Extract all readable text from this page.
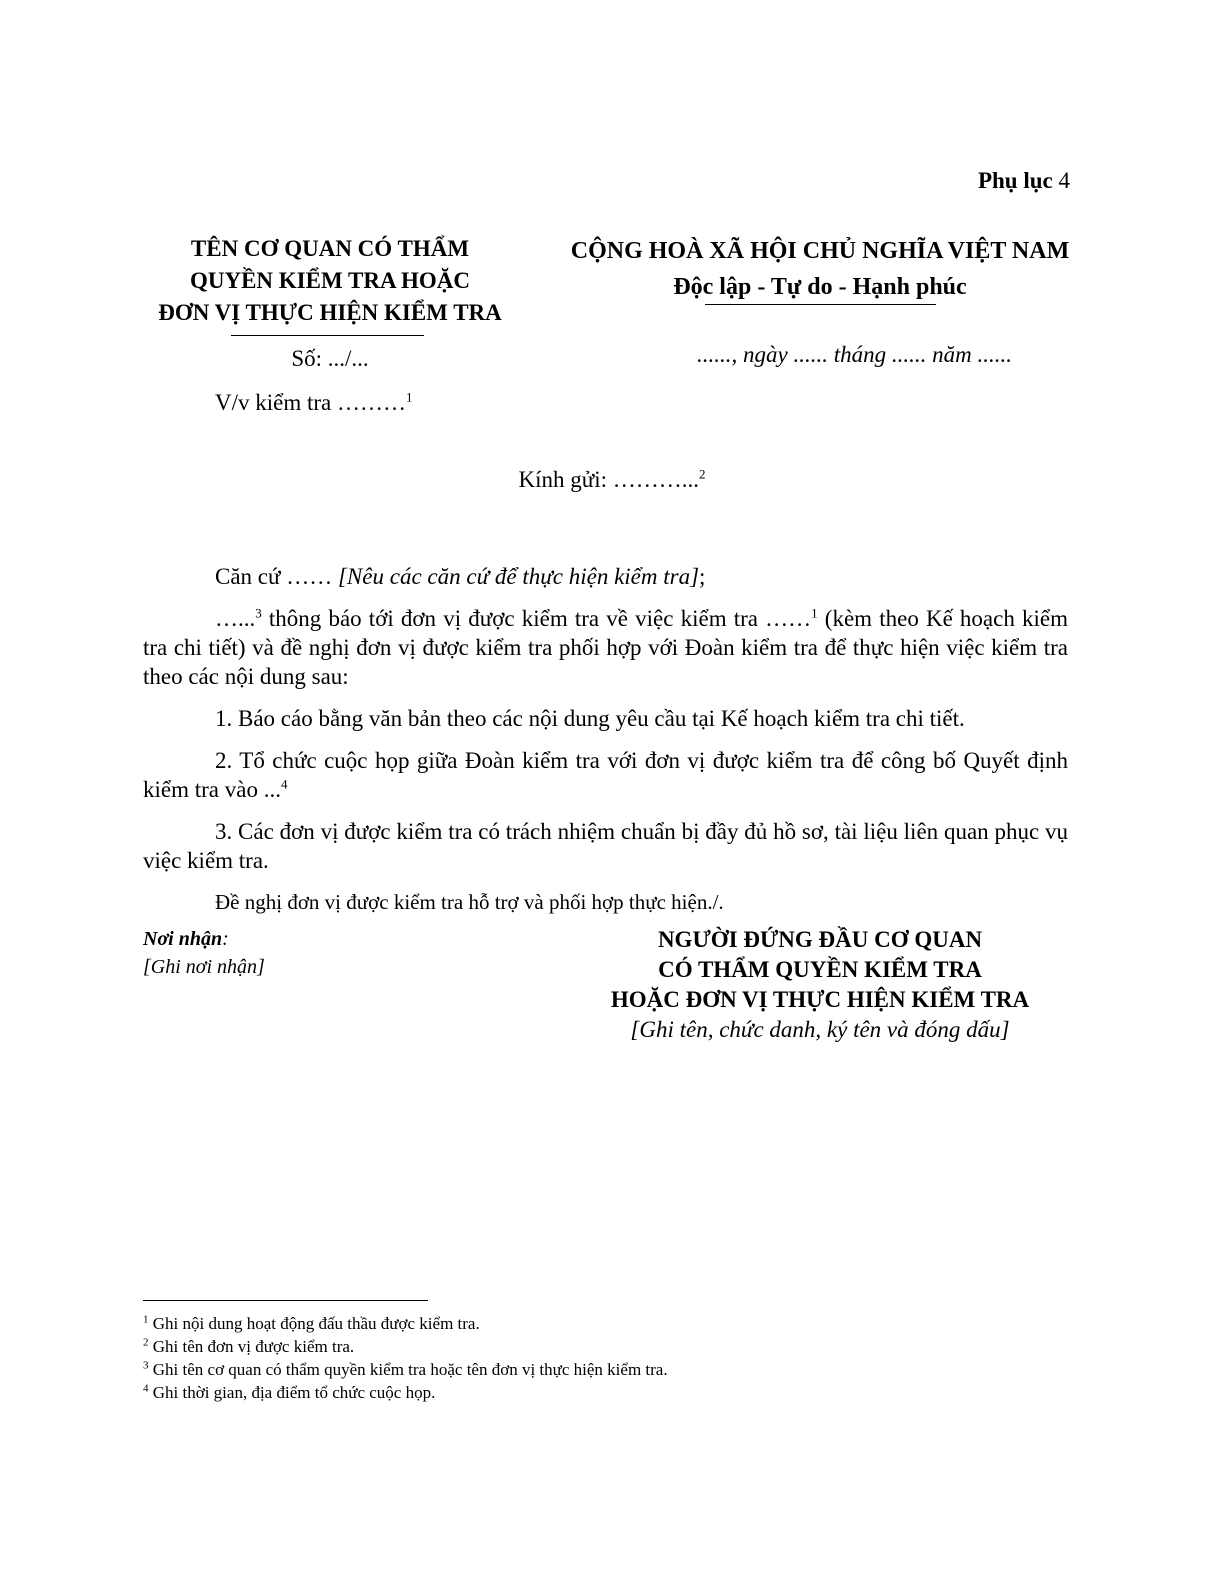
Phụ lục 4
TÊN CƠ QUAN CÓ THẨM
QUYỀN KIỂM TRA HOẶC
ĐƠN VỊ THỰC HIỆN KIỂM TRA
CỘNG HOÀ XÃ HỘI CHỦ NGHĨA VIỆT NAM
Độc lập - Tự do - Hạnh phúc
Số: .../...
V/v kiểm tra ………$^1$
......, ngày ...... tháng ...... năm ......
Kính gửi: ………...$^2$

Căn cứ …… [Nêu các căn cứ để thực hiện kiểm tra];

…...$^3$ thông báo tới đơn vị được kiểm tra về việc kiểm tra ……$^1$ (kèm theo Kế hoạch kiểm tra chi tiết) và đề nghị đơn vị được kiểm tra phối hợp với Đoàn kiểm tra để thực hiện việc kiểm tra theo các nội dung sau:

1. Báo cáo bằng văn bản theo các nội dung yêu cầu tại Kế hoạch kiểm tra chi tiết.

2. Tổ chức cuộc họp giữa Đoàn kiểm tra với đơn vị được kiểm tra để công bố Quyết định kiểm tra vào ...$^4$

3. Các đơn vị được kiểm tra có trách nhiệm chuẩn bị đầy đủ hồ sơ, tài liệu liên quan phục vụ việc kiểm tra.

Đề nghị đơn vị được kiểm tra hỗ trợ và phối hợp thực hiện./.

Nơi nhận:
[Ghi nơi nhận]
NGƯỜI ĐỨNG ĐẦU CƠ QUAN
CÓ THẨM QUYỀN KIỂM TRA
HOẶC ĐƠN VỊ THỰC HIỆN KIỂM TRA
[Ghi tên, chức danh, ký tên và đóng dấu]
$^1$ Ghi nội dung hoạt động đấu thầu được kiểm tra.
$^2$ Ghi tên đơn vị được kiểm tra.
$^3$ Ghi tên cơ quan có thẩm quyền kiểm tra hoặc tên đơn vị thực hiện kiểm tra.
$^4$ Ghi thời gian, địa điểm tổ chức cuộc họp.
